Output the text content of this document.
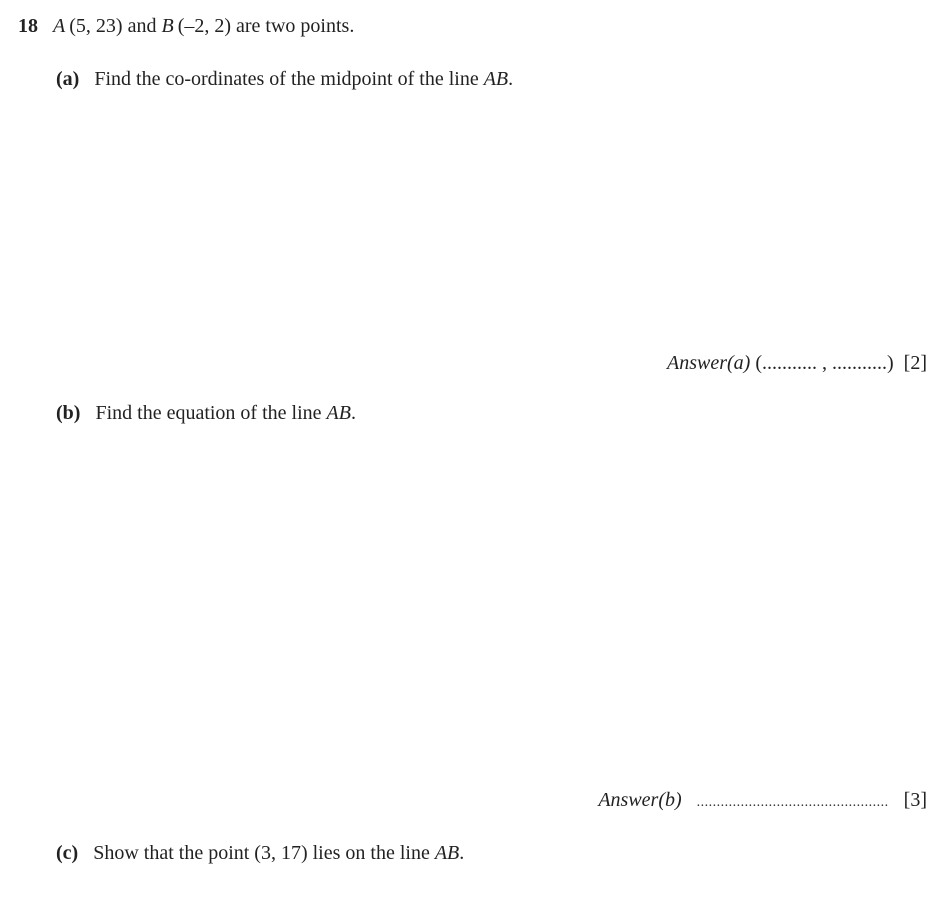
18 A  (5, 23) and B  (–2, 2) are two points.
(a) Find the co-ordinates of the midpoint of the line AB.
Answer(a) (........... , ...........) [2]
(b) Find the equation of the line AB.
Answer(b) ................................................ [3]
(c) Show that the point (3, 17) lies on the line AB.
